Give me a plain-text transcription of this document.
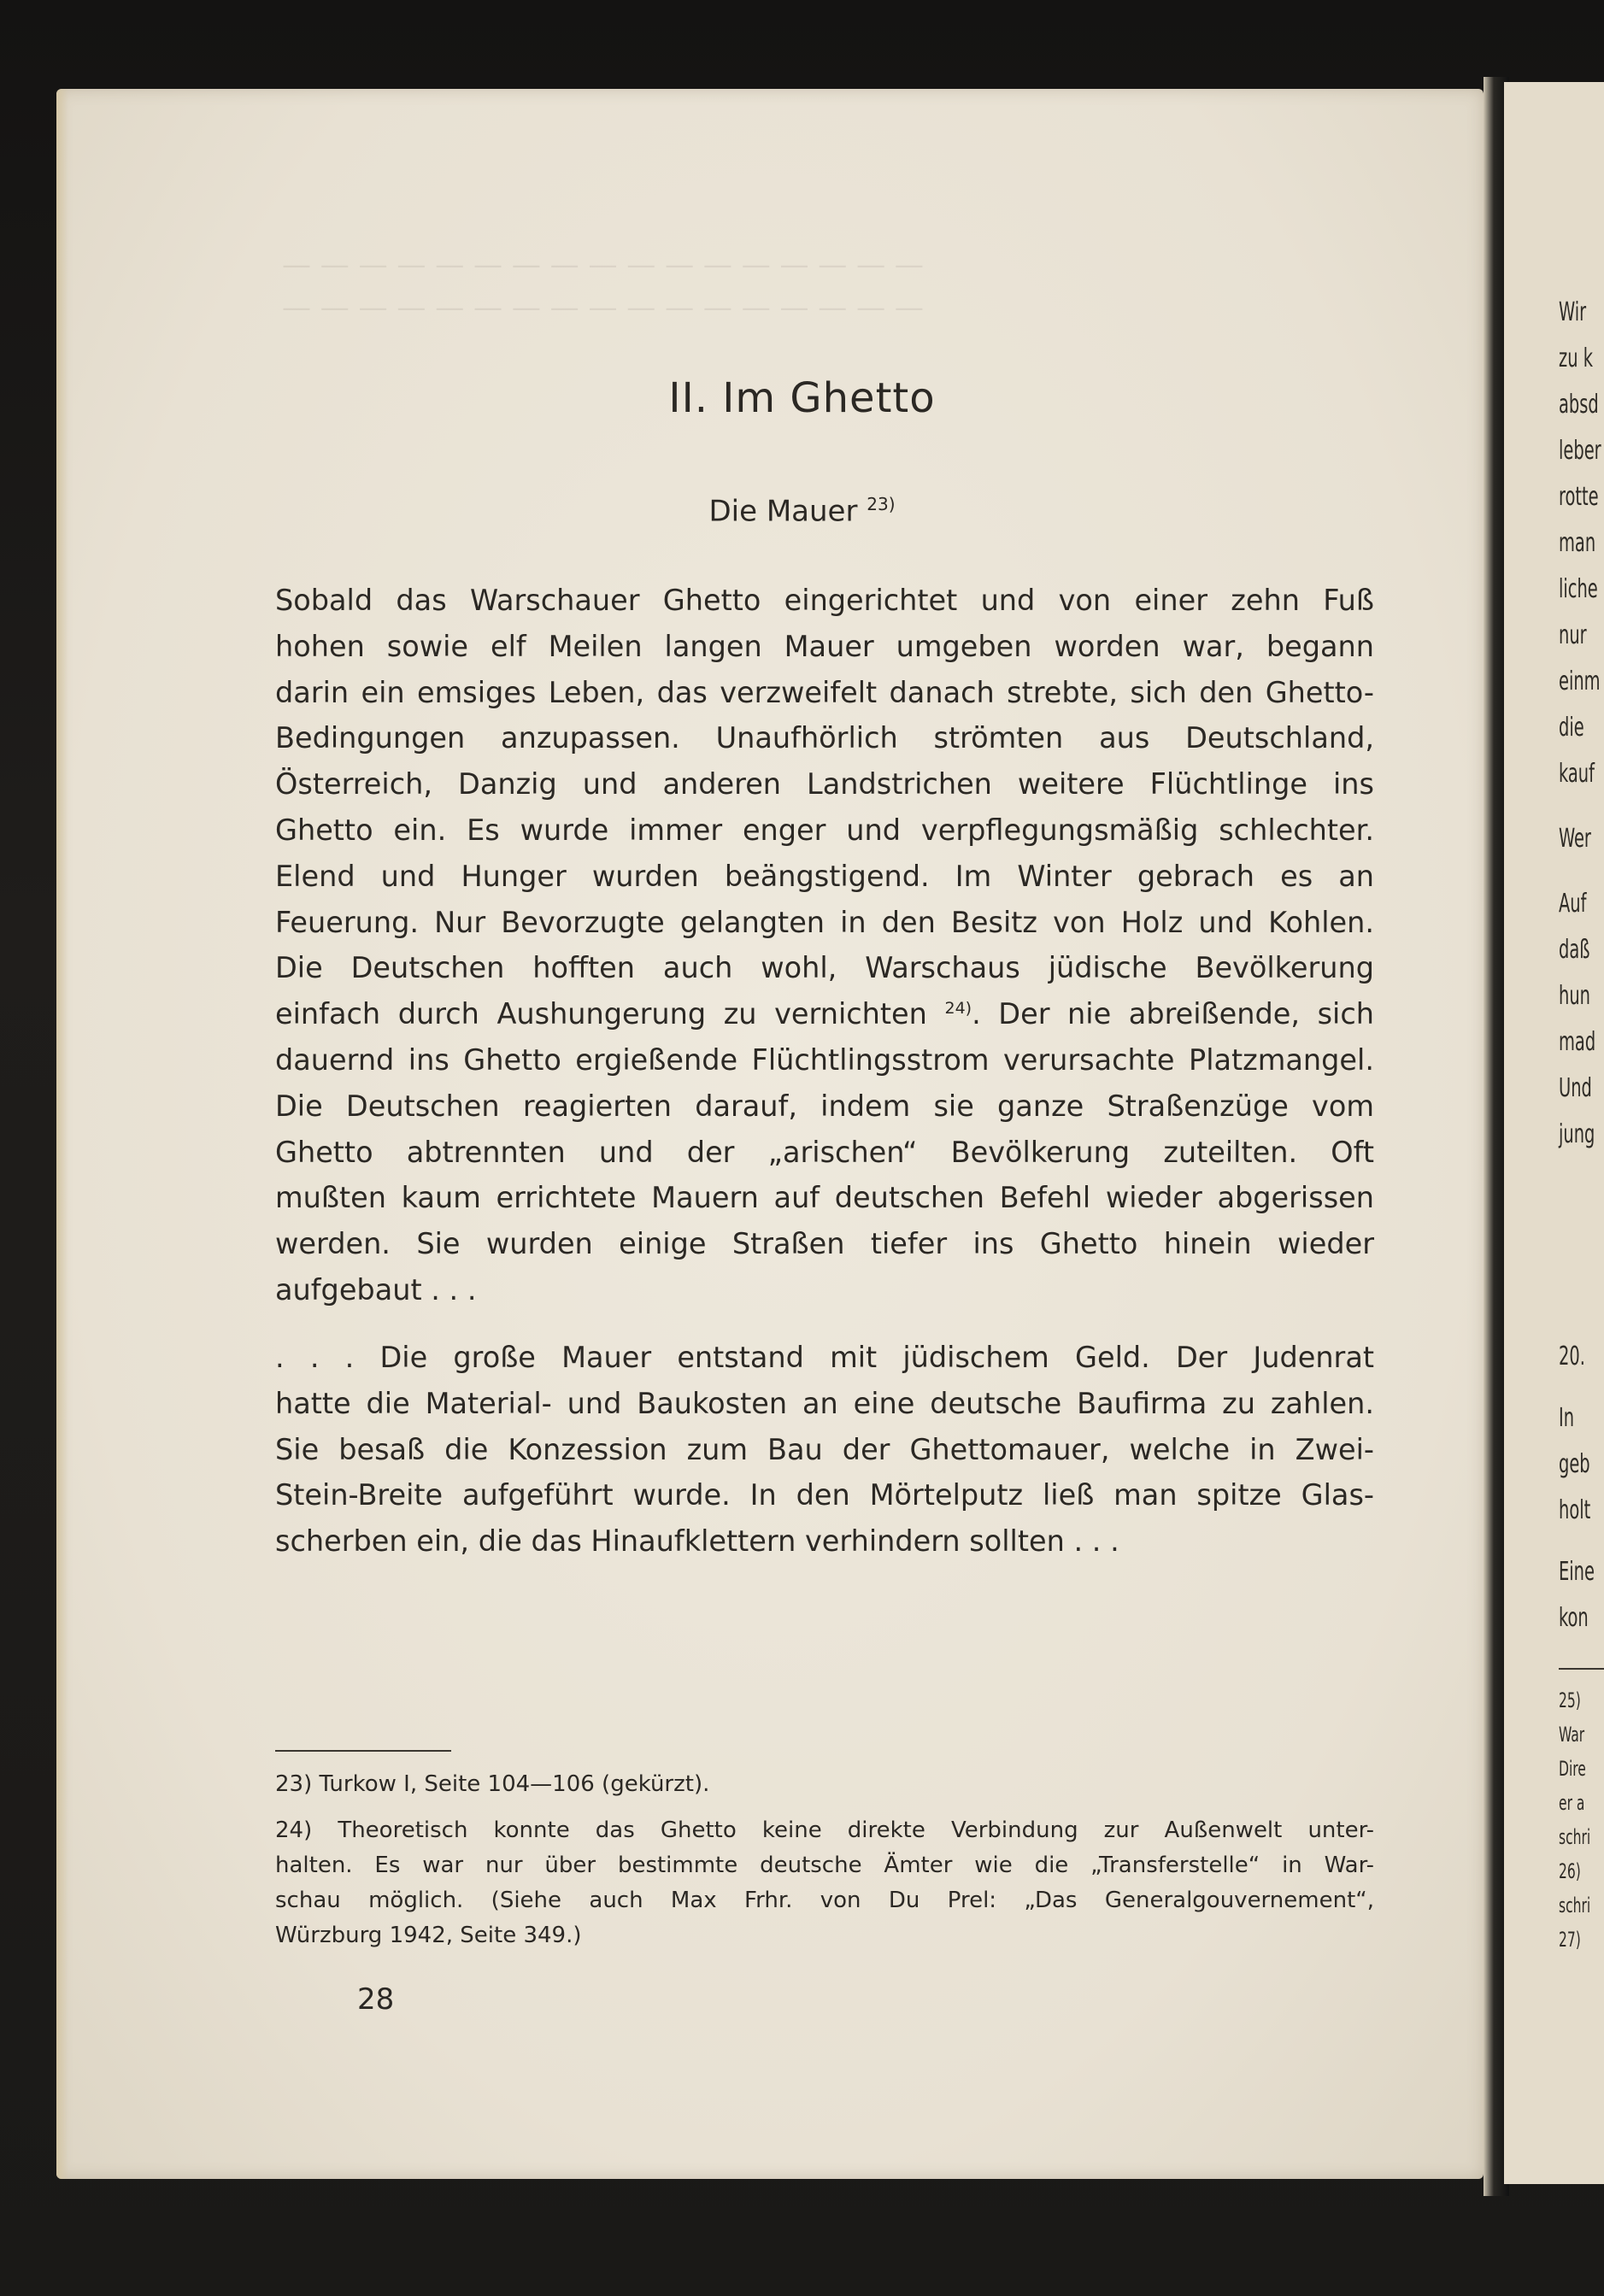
— — — — — — — — — — — — — — — — —
— — — — — — — — — — — — — — — — —
II. Im Ghetto
Die Mauer $^{23)}$
Sobald das Warschauer Ghetto eingerichtet und von einer zehn Fuß
hohen sowie elf Meilen langen Mauer umgeben worden war, begann
darin ein emsiges Leben, das verzweifelt danach strebte, sich den Ghetto-
Bedingungen anzupassen. Unaufhörlich strömten aus Deutschland,
Österreich, Danzig und anderen Landstrichen weitere Flüchtlinge ins
Ghetto ein. Es wurde immer enger und verpflegungsmäßig schlechter.
Elend und Hunger wurden beängstigend. Im Winter gebrach es an
Feuerung. Nur Bevorzugte gelangten in den Besitz von Holz und Kohlen.
Die Deutschen hofften auch wohl, Warschaus jüdische Bevölkerung
einfach durch Aushungerung zu vernichten $^{24)}$. Der nie abreißende, sich
dauernd ins Ghetto ergießende Flüchtlingsstrom verursachte Platzmangel.
Die Deutschen reagierten darauf, indem sie ganze Straßenzüge vom
Ghetto abtrennten und der „arischen“ Bevölkerung zuteilten. Oft
mußten kaum errichtete Mauern auf deutschen Befehl wieder abgerissen
werden. Sie wurden einige Straßen tiefer ins Ghetto hinein wieder
aufgebaut . . .
. . . Die große Mauer entstand mit jüdischem Geld. Der Judenrat
hatte die Material- und Baukosten an eine deutsche Baufirma zu zahlen.
Sie besaß die Konzession zum Bau der Ghettomauer, welche in Zwei-
Stein-Breite aufgeführt wurde. In den Mörtelputz ließ man spitze Glas-
scherben ein, die das Hinaufklettern verhindern sollten . . .
23) Turkow I, Seite 104—106 (gekürzt).
24) Theoretisch konnte das Ghetto keine direkte Verbindung zur Außenwelt unter-
halten. Es war nur über bestimmte deutsche Ämter wie die „Transferstelle“ in War-
schau möglich. (Siehe auch Max Frhr. von Du Prel: „Das Generalgouvernement“,
Würzburg 1942, Seite 349.)
28
Wir
zu k
absd
leber
rotte
man
liche
nur
einm
die
kauf
Wer
Auf
daß
hun
mad
Und
jung
20.
In
geb
holt
Eine
kon
25)
War
Dire
er a
schri
26)
schri
27)
